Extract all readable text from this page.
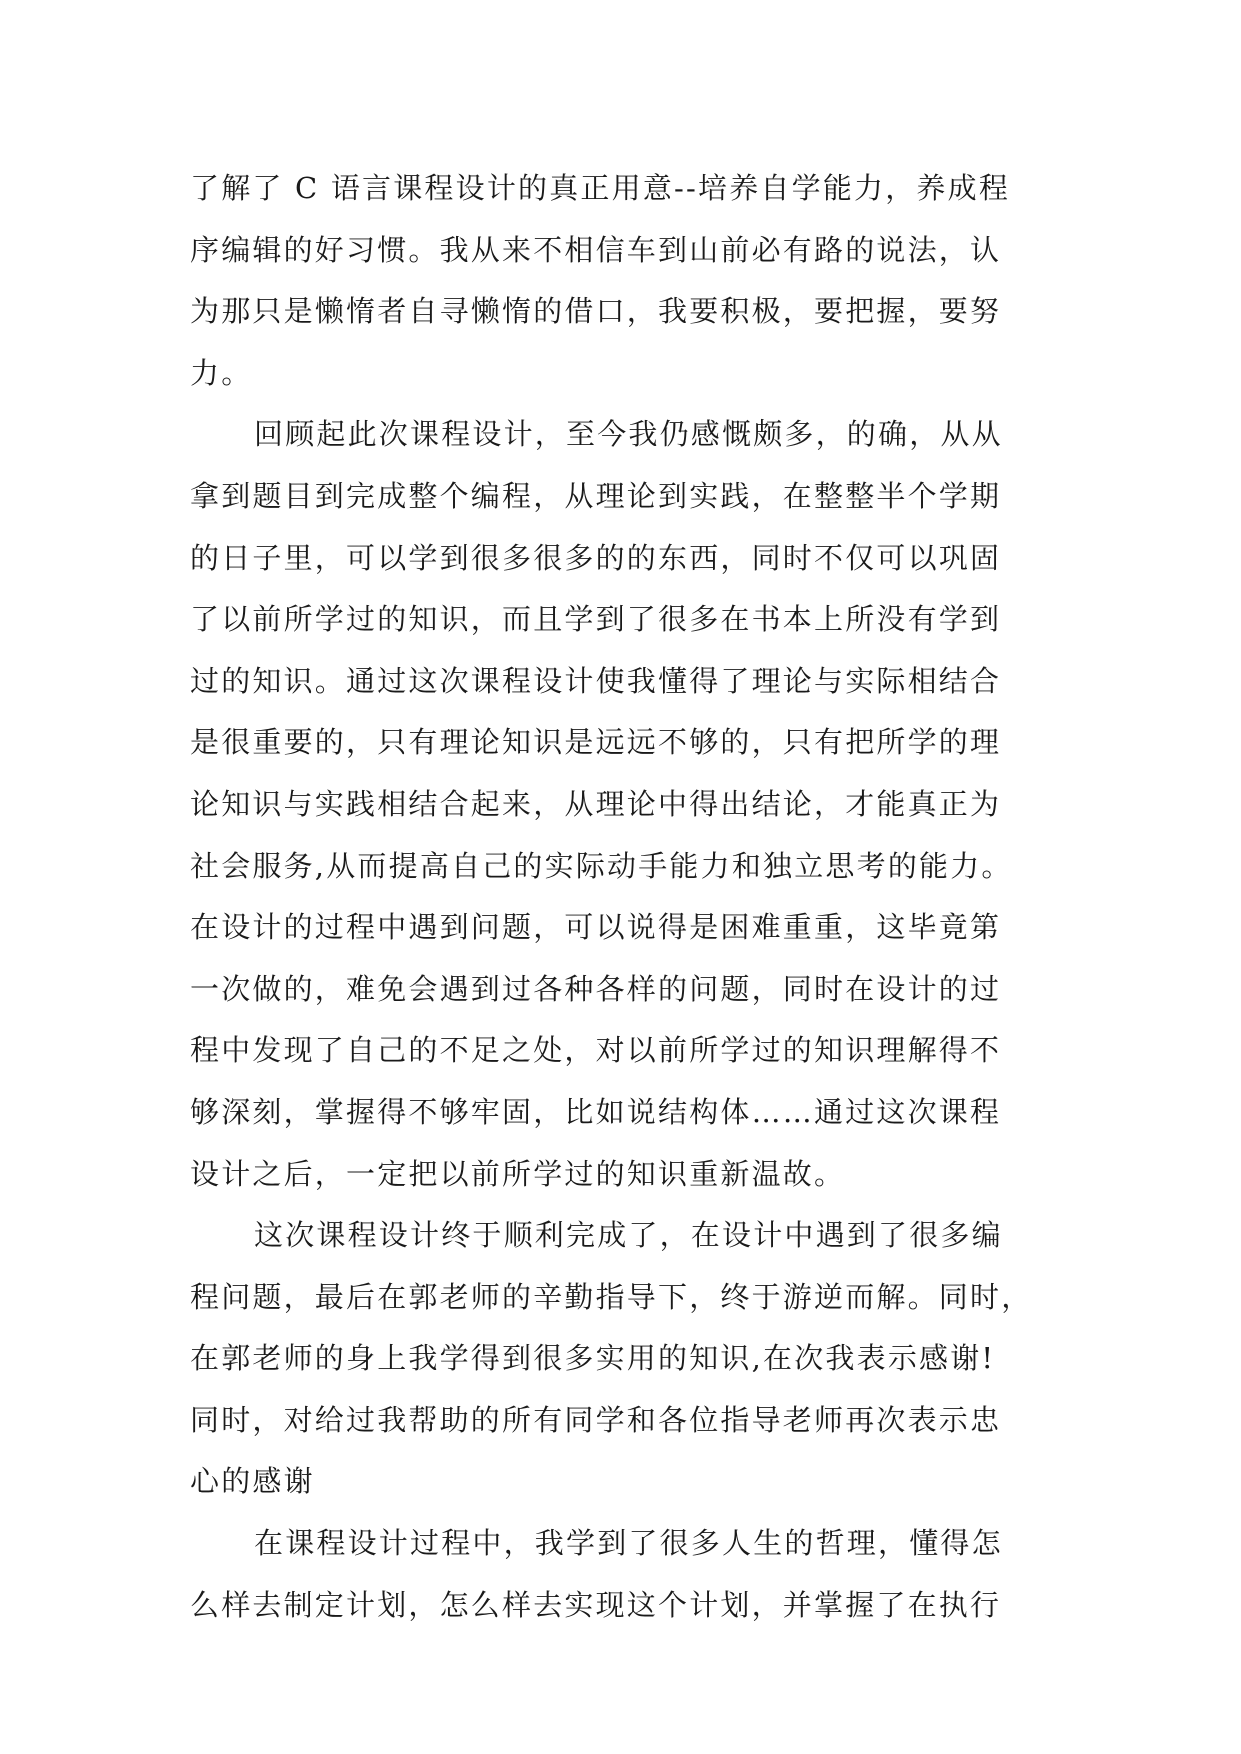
了解了 C 语言课程设计的真正用意--培养自学能力，养成程
序编辑的好习惯。我从来不相信车到山前必有路的说法，认
为那只是懒惰者自寻懒惰的借口，我要积极，要把握，要努
力。
回顾起此次课程设计，至今我仍感慨颇多，的确，从从
拿到题目到完成整个编程，从理论到实践，在整整半个学期
的日子里，可以学到很多很多的的东西，同时不仅可以巩固
了以前所学过的知识，而且学到了很多在书本上所没有学到
过的知识。通过这次课程设计使我懂得了理论与实际相结合
是很重要的，只有理论知识是远远不够的，只有把所学的理
论知识与实践相结合起来，从理论中得出结论，才能真正为
社会服务,从而提高自己的实际动手能力和独立思考的能力。
在设计的过程中遇到问题，可以说得是困难重重，这毕竟第
一次做的，难免会遇到过各种各样的问题，同时在设计的过
程中发现了自己的不足之处，对以前所学过的知识理解得不
够深刻，掌握得不够牢固，比如说结构体……通过这次课程
设计之后，一定把以前所学过的知识重新温故。
这次课程设计终于顺利完成了，在设计中遇到了很多编
程问题，最后在郭老师的辛勤指导下，终于游逆而解。同时，
在郭老师的身上我学得到很多实用的知识,在次我表示感谢!
同时，对给过我帮助的所有同学和各位指导老师再次表示忠
心的感谢
在课程设计过程中，我学到了很多人生的哲理，懂得怎
么样去制定计划，怎么样去实现这个计划，并掌握了在执行
